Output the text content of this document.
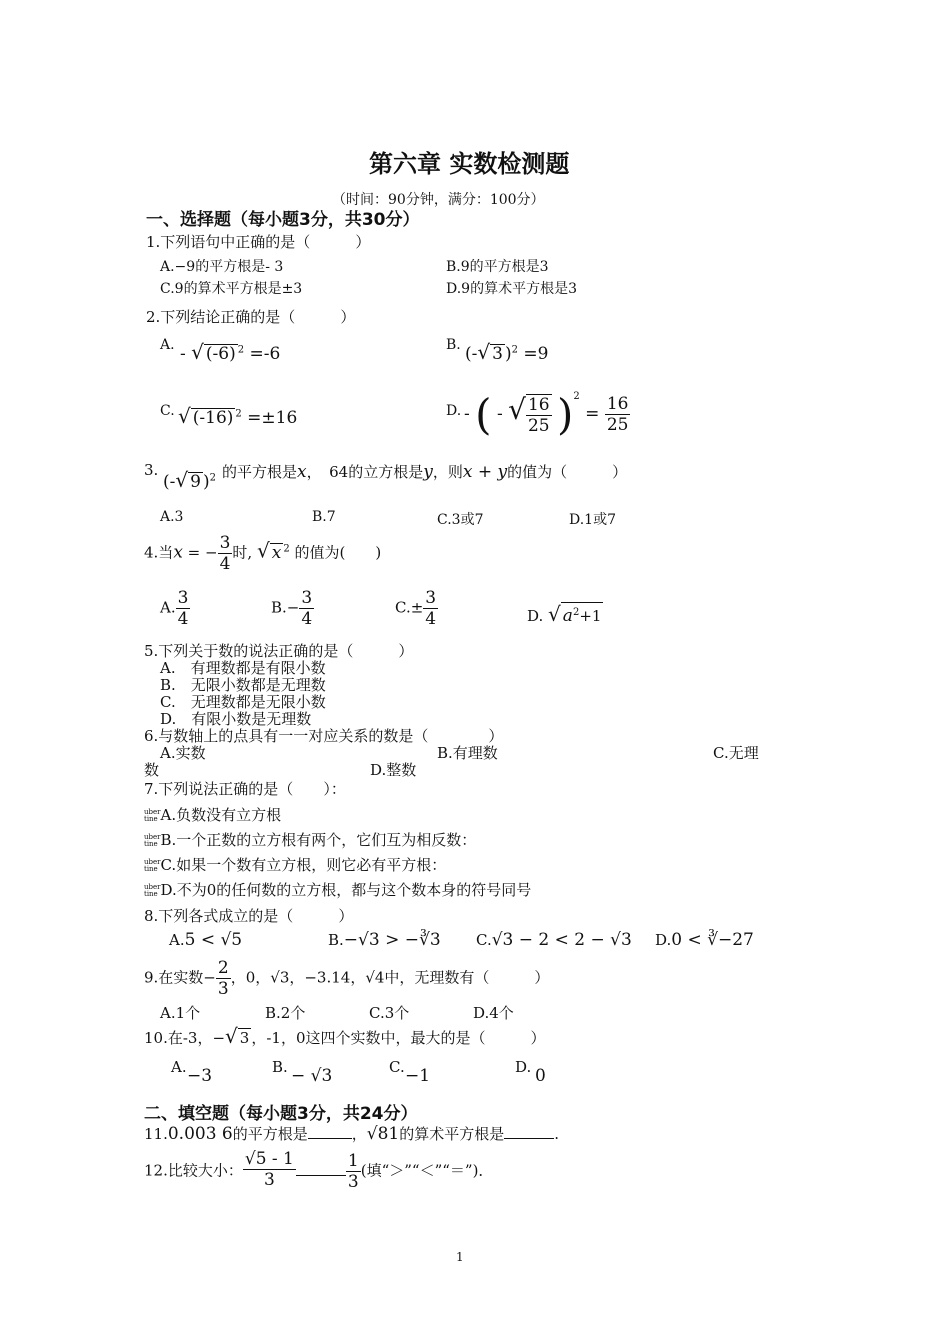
第六章 实数检测题
（时间：90分钟，满分：100分）
一、选择题（每小题3分，共30分）
1.下列语句中正确的是（　　　）
A.−9的平方根是- 3	B.9的平方根是3
C.9的算术平方根是±3	D.9的算术平方根是3
2.下列结论正确的是（　　　）
A. - √ (-6) $^2$ =-6	B. (-√ 3 )$^2$ =9
C. √ (-16) $^2$ =±16	D. - ( - √ $\frac{16}{25} )^2 = \frac{16}{25}$
3.
(-√ 9 )$^2$ 的平方根是x，　64的立方根是y，则x + y的值为（　　　）
A.3	B.7	C.3或7	D.1或7
4.当x = − $\frac{3}{4}$ 时, √ x $^2$ 的值为(　　)
A. $\frac{3}{4}$	$B.- \frac{3}{4}$	$C.\pm \frac{3}{4}$	D. √ $a^2+1$
5.下列关于数的说法正确的是（　　　）
A.　有理数都是有限小数
B.　无限小数都是无理数
C.　无理数都是无限小数
D.　有限小数是无理数
6.与数轴上的点具有一一对应关系的数是（　　　　）
A.实数	B.有理数	C.无理
数	D.整数
7.下列说法正确的是（　　）：
uber
tine A.负数没有立方根
uber
tine B.一个正数的立方根有两个，它们互为相反数：
uber
tine C.如果一个数有立方根，则它必有平方根：
uber
tine D.不为0的任何数的立方根，都与这个数本身的符号同号
8.下列各式成立的是（　　　）
A.5 < √5	B.−√3 > −∛3 C.√3 − 2 < 2 − √3 D.0 < ∛−27
9.在实数− $\frac{2}{3}$ ，0，√3，−3.14，√4中，无理数有（　　　）
A.1个	B.2个	C.3个	D.4个
10.在-3，−√ 3 ，-1，0这四个实数中，最大的是（　　　）
A. −3	B. − √3	C. −1	D. 0
二、填空题（每小题3分，共24分）
11.0.003 6的平方根是	，√81的算术平方根是	.
12.比较大小： $\frac{√5 - 1}{3}$	$\frac{1}{3}$ (填“＞”“＜”“＝”)．
1
